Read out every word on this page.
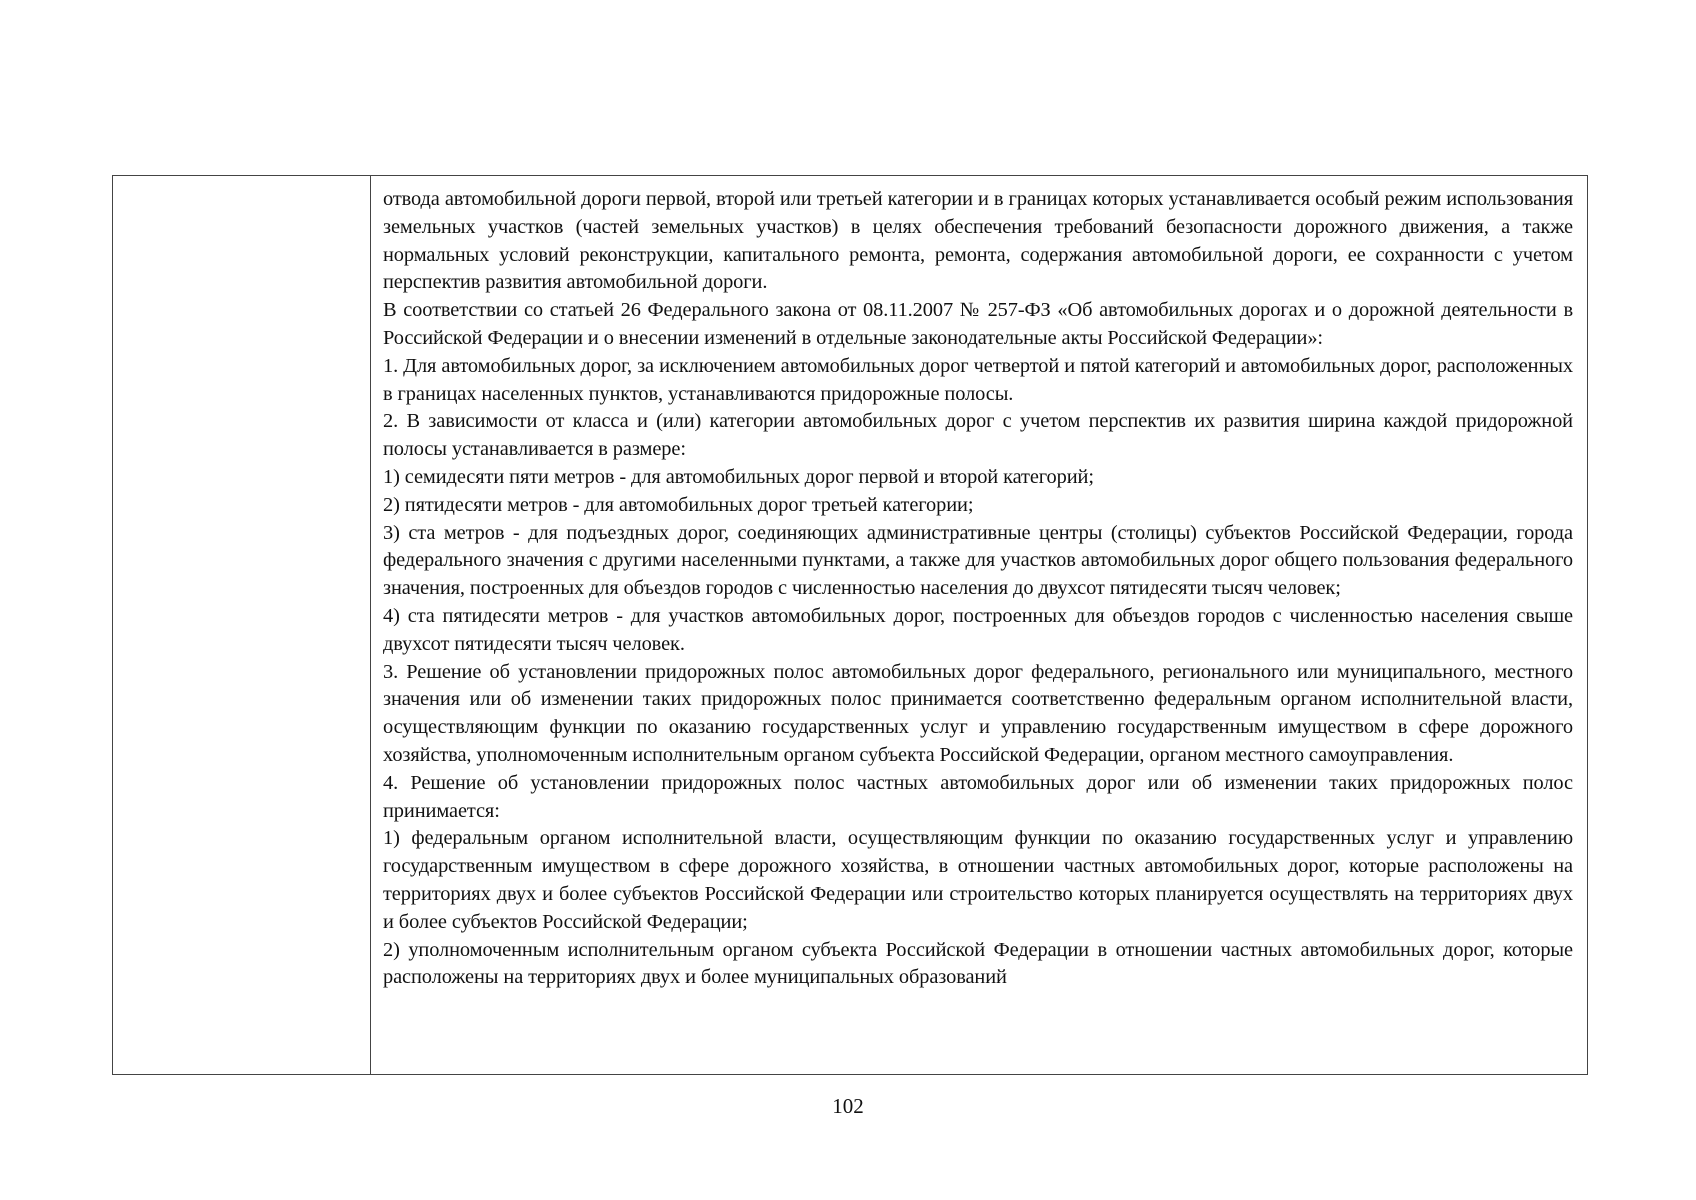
отвода автомобильной дороги первой, второй или третьей категории и в границах которых устанавливается особый режим использования земельных участков (частей земельных участков) в целях обеспечения требований безопасности дорожного движения, а также нормальных условий реконструкции, капитального ремонта, ремонта, содержания автомобильной дороги, ее сохранности с учетом перспектив развития автомобильной дороги.

В соответствии со статьей 26 Федерального закона от 08.11.2007 № 257-ФЗ «Об автомобильных дорогах и о дорожной деятельности в Российской Федерации и о внесении изменений в отдельные законодательные акты Российской Федерации»:

1. Для автомобильных дорог, за исключением автомобильных дорог четвертой и пятой категорий и автомобильных дорог, расположенных в границах населенных пунктов, устанавливаются придорожные полосы.

2. В зависимости от класса и (или) категории автомобильных дорог с учетом перспектив их развития ширина каждой придорожной полосы устанавливается в размере:

1) семидесяти пяти метров - для автомобильных дорог первой и второй категорий;

2) пятидесяти метров - для автомобильных дорог третьей категории;

3) ста метров - для подъездных дорог, соединяющих административные центры (столицы) субъектов Российской Федерации, города федерального значения с другими населенными пунктами, а также для участков автомобильных дорог общего пользования федерального значения, построенных для объездов городов с численностью населения до двухсот пятидесяти тысяч человек;

4) ста пятидесяти метров - для участков автомобильных дорог, построенных для объездов городов с численностью населения свыше двухсот пятидесяти тысяч человек.

3. Решение об установлении придорожных полос автомобильных дорог федерального, регионального или муниципального, местного значения или об изменении таких придорожных полос принимается соответственно федеральным органом исполнительной власти, осуществляющим функции по оказанию государственных услуг и управлению государственным имуществом в сфере дорожного хозяйства, уполномоченным исполнительным органом субъекта Российской Федерации, органом местного самоуправления.

4. Решение об установлении придорожных полос частных автомобильных дорог или об изменении таких придорожных полос принимается:

1) федеральным органом исполнительной власти, осуществляющим функции по оказанию государственных услуг и управлению государственным имуществом в сфере дорожного хозяйства, в отношении частных автомобильных дорог, которые расположены на территориях двух и более субъектов Российской Федерации или строительство которых планируется осуществлять на территориях двух и более субъектов Российской Федерации;

2) уполномоченным исполнительным органом субъекта Российской Федерации в отношении частных автомобильных дорог, которые расположены на территориях двух и более муниципальных образований

102
